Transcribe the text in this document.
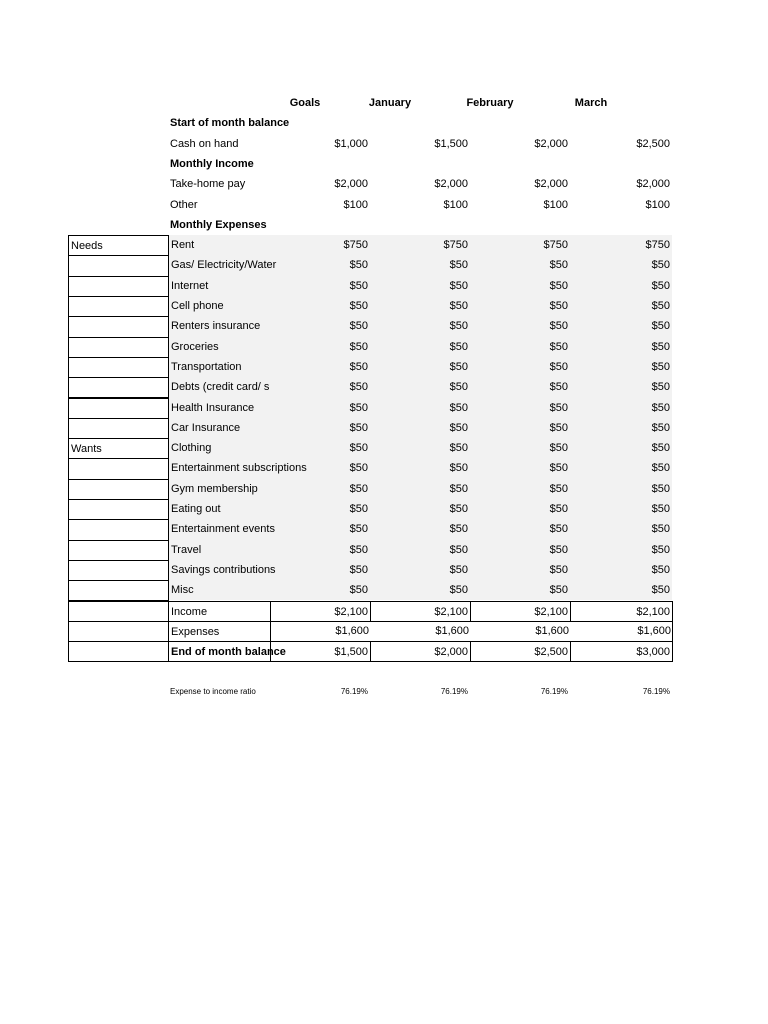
Goals	January	February	March
Start of month balance
Cash on hand	$1,000	$1,500	$2,000	$2,500
Monthly Income
Take-home pay	$2,000	$2,000	$2,000	$2,000
Other	$100	$100	$100	$100
Monthly Expenses
Needs	Rent	$750	$750	$750	$750
Gas/ Electricity/Water	$50	$50	$50	$50
Internet	$50	$50	$50	$50
Cell phone	$50	$50	$50	$50
Renters insurance	$50	$50	$50	$50
Groceries	$50	$50	$50	$50
Transportation	$50	$50	$50	$50
Debts (credit card/ s	$50	$50	$50	$50
Health Insurance	$50	$50	$50	$50
Car Insurance	$50	$50	$50	$50
Wants	Clothing	$50	$50	$50	$50
Entertainment subscriptions	$50	$50	$50	$50
Gym membership	$50	$50	$50	$50
Eating out	$50	$50	$50	$50
Entertainment events	$50	$50	$50	$50
Travel	$50	$50	$50	$50
Savings contributions	$50	$50	$50	$50
Misc	$50	$50	$50	$50
Income	$2,100	$2,100	$2,100	$2,100
Expenses	$1,600	$1,600	$1,600	$1,600
End of month balance	$1,500	$2,000	$2,500	$3,000
Expense to income ratio	76.19%	76.19%	76.19%	76.19%
